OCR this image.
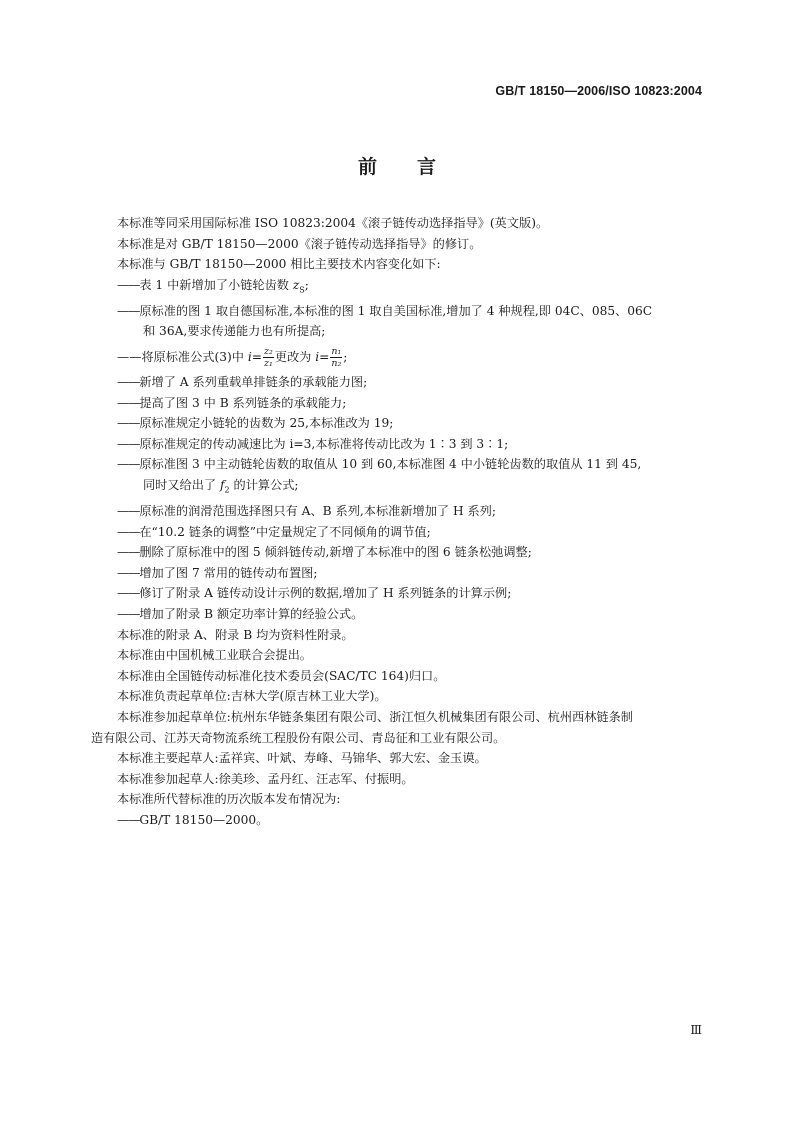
GB/T 18150—2006/ISO 10823:2004
前言
本标准等同采用国际标准 ISO 10823:2004《滚子链传动选择指导》(英文版)。
本标准是对 GB/T 18150—2000《滚子链传动选择指导》的修订。
本标准与 GB/T 18150—2000 相比主要技术内容变化如下:
——表 1 中新增加了小链轮齿数 $z_S$;
——原标准的图 1 取自德国标准,本标准的图 1 取自美国标准,增加了 4 种规程,即 04C、085、06C
和 36A,要求传递能力也有所提高;
——将原标准公式(3)中 $i= \frac{\text{z₂}}{\text{z₁}}$ 更改为 $i= \frac{\text{n₁}}{\text{n₂}}$ ;
——新增了 A 系列重载单排链条的承载能力图;
——提高了图 3 中 B 系列链条的承载能力;
——原标准规定小链轮的齿数为 25,本标准改为 19;
——原标准规定的传动减速比为 i=3,本标准将传动比改为 1∶3 到 3∶1;
——原标准图 3 中主动链轮齿数的取值从 10 到 60,本标准图 4 中小链轮齿数的取值从 11 到 45,
同时又给出了 $f_2$ 的计算公式;
——原标准的润滑范围选择图只有 A、B 系列,本标准新增加了 H 系列;
——在“10.2 链条的调整”中定量规定了不同倾角的调节值;
——删除了原标准中的图 5 倾斜链传动,新增了本标准中的图 6 链条松弛调整;
——增加了图 7 常用的链传动布置图;
——修订了附录 A 链传动设计示例的数据,增加了 H 系列链条的计算示例;
——增加了附录 B 额定功率计算的经验公式。
本标准的附录 A、附录 B 均为资料性附录。
本标准由中国机械工业联合会提出。
本标准由全国链传动标准化技术委员会(SAC/TC 164)归口。
本标准负责起草单位:吉林大学(原吉林工业大学)。
本标准参加起草单位:杭州东华链条集团有限公司、浙江恒久机械集团有限公司、杭州西林链条制
造有限公司、江苏天奇物流系统工程股份有限公司、青岛征和工业有限公司。
本标准主要起草人:孟祥宾、叶斌、寿峰、马锦华、郭大宏、金玉谟。
本标准参加起草人:徐美珍、孟丹红、汪志军、付振明。
本标准所代替标准的历次版本发布情况为:
——GB/T 18150—2000。
Ⅲ
